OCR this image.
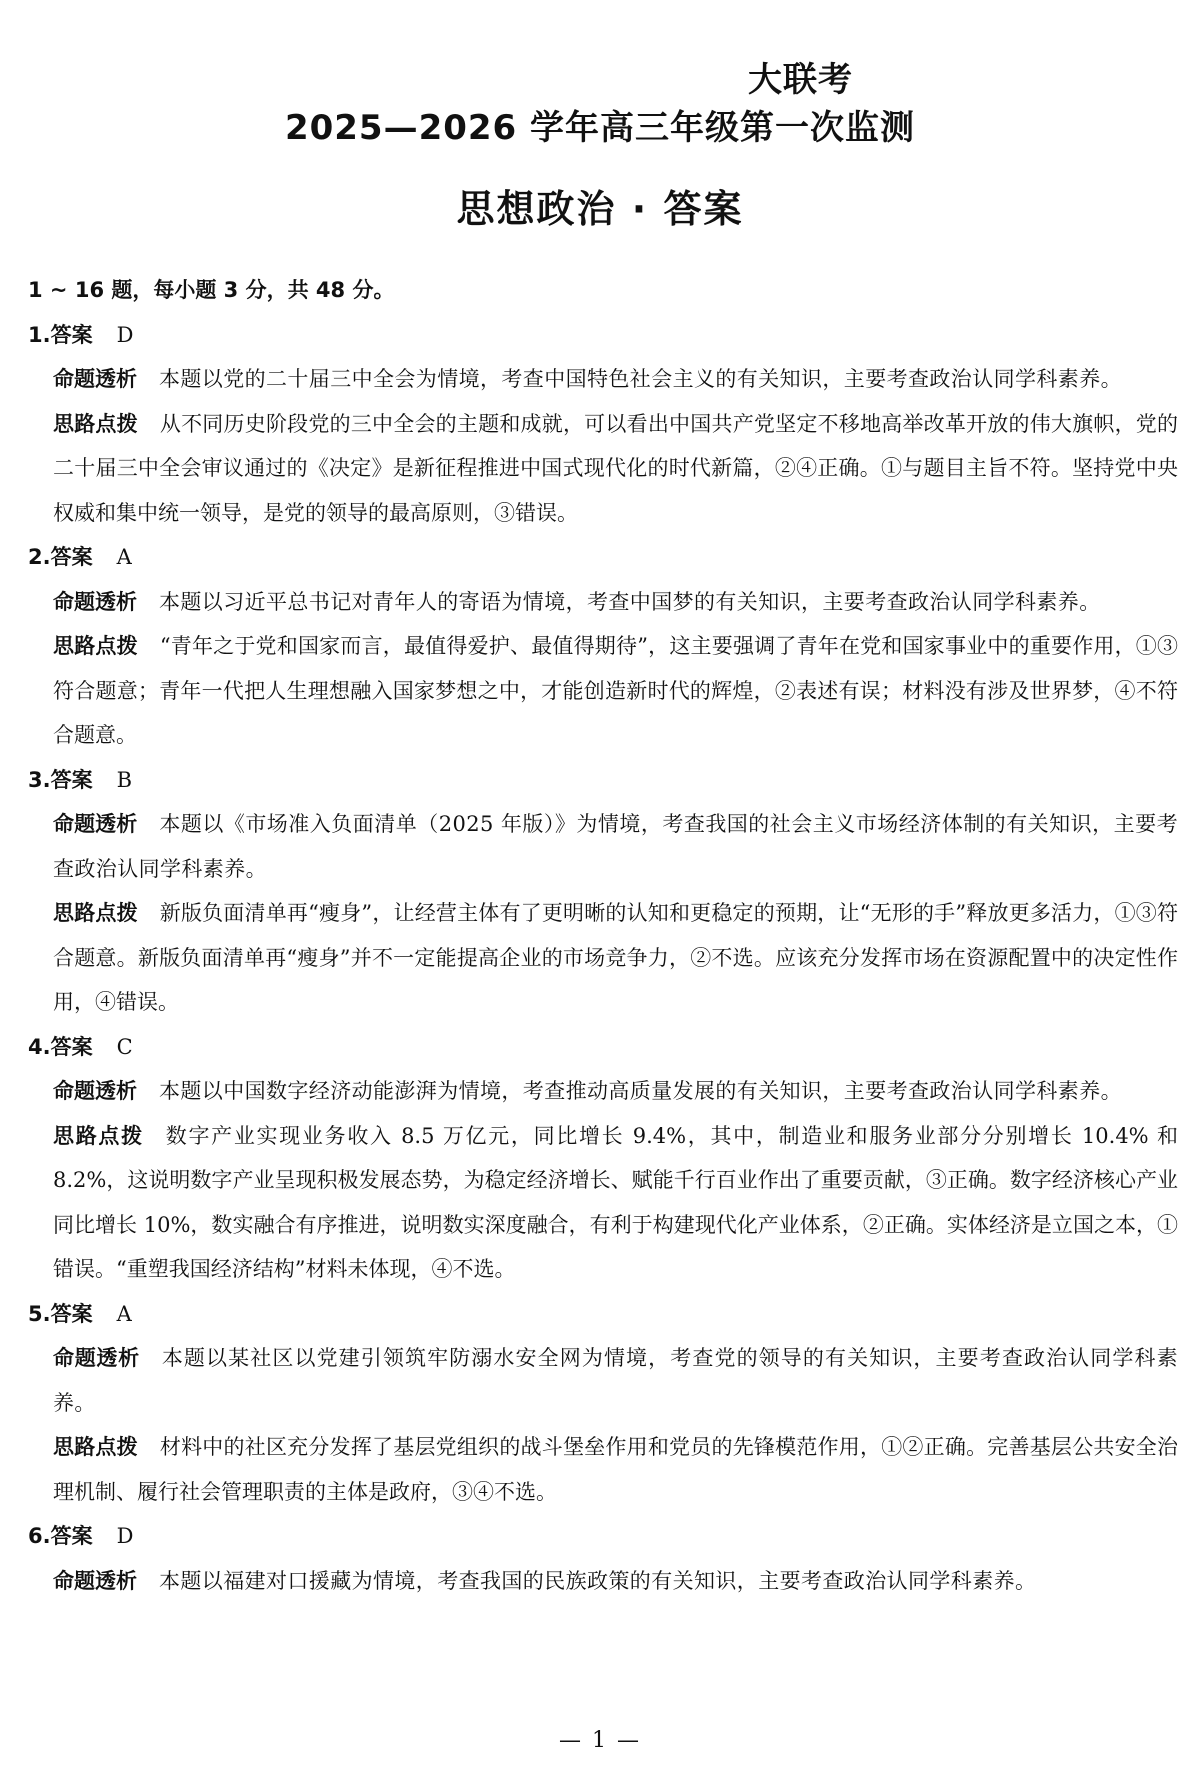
大联考
2025—2026 学年高三年级第一次监测
思想政治 · 答案

1 ~ 16 题，每小题 3 分，共 48 分。

1.答案 D

命题透析 本题以党的二十届三中全会为情境，考查中国特色社会主义的有关知识，主要考查政治认同学科素养。

思路点拨 从不同历史阶段党的三中全会的主题和成就，可以看出中国共产党坚定不移地高举改革开放的伟大旗帜，党的二十届三中全会审议通过的《决定》是新征程推进中国式现代化的时代新篇，②④正确。①与题目主旨不符。坚持党中央权威和集中统一领导，是党的领导的最高原则，③错误。

2.答案 A

命题透析 本题以习近平总书记对青年人的寄语为情境，考查中国梦的有关知识，主要考查政治认同学科素养。

思路点拨 “青年之于党和国家而言，最值得爱护、最值得期待”，这主要强调了青年在党和国家事业中的重要作用，①③符合题意；青年一代把人生理想融入国家梦想之中，才能创造新时代的辉煌，②表述有误；材料没有涉及世界梦，④不符合题意。

3.答案 B

命题透析 本题以《市场准入负面清单（2025 年版）》为情境，考查我国的社会主义市场经济体制的有关知识，主要考查政治认同学科素养。

思路点拨 新版负面清单再“瘦身”，让经营主体有了更明晰的认知和更稳定的预期，让“无形的手”释放更多活力，①③符合题意。新版负面清单再“瘦身”并不一定能提高企业的市场竞争力，②不选。应该充分发挥市场在资源配置中的决定性作用，④错误。

4.答案 C

命题透析 本题以中国数字经济动能澎湃为情境，考查推动高质量发展的有关知识，主要考查政治认同学科素养。

思路点拨 数字产业实现业务收入 8.5 万亿元，同比增长 9.4%，其中，制造业和服务业部分分别增长 10.4% 和 8.2%，这说明数字产业呈现积极发展态势，为稳定经济增长、赋能千行百业作出了重要贡献，③正确。数字经济核心产业同比增长 10%，数实融合有序推进，说明数实深度融合，有利于构建现代化产业体系，②正确。实体经济是立国之本，①错误。“重塑我国经济结构”材料未体现，④不选。

5.答案 A

命题透析 本题以某社区以党建引领筑牢防溺水安全网为情境，考查党的领导的有关知识，主要考查政治认同学科素养。

思路点拨 材料中的社区充分发挥了基层党组织的战斗堡垒作用和党员的先锋模范作用，①②正确。完善基层公共安全治理机制、履行社会管理职责的主体是政府，③④不选。

6.答案 D

命题透析 本题以福建对口援藏为情境，考查我国的民族政策的有关知识，主要考查政治认同学科素养。

— 1 —
